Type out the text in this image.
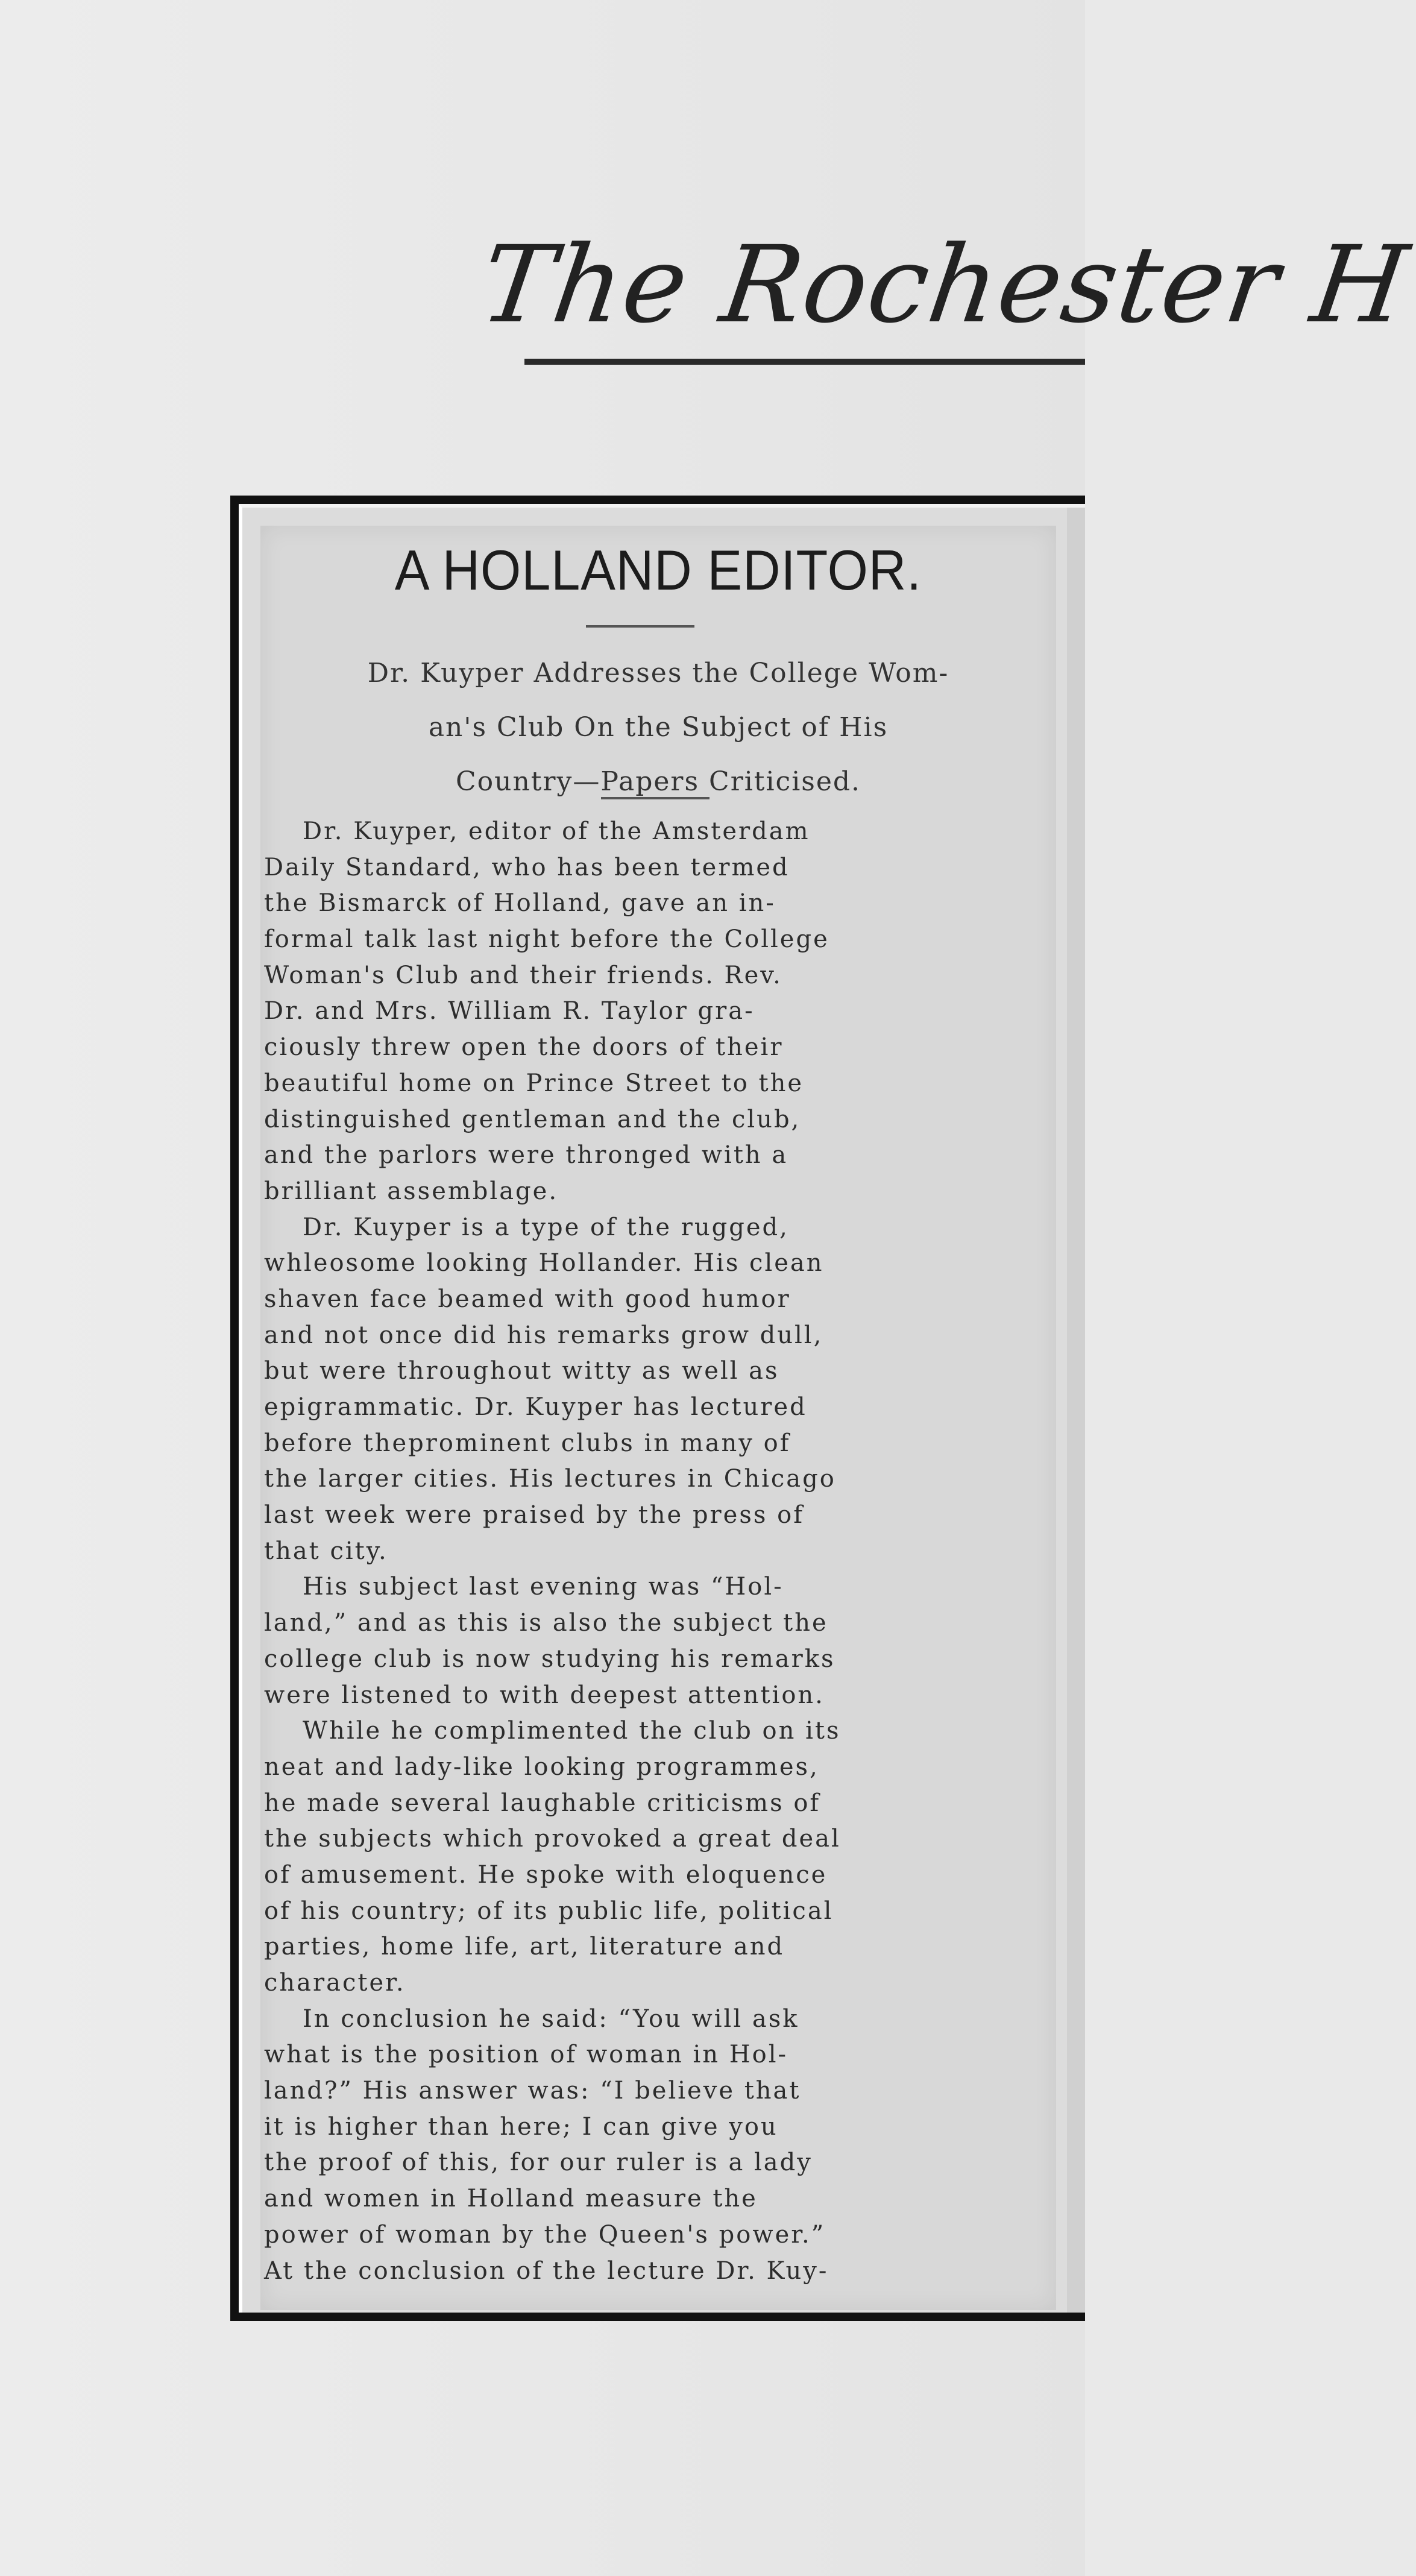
The Rochester H
A HOLLAND EDITOR.
Dr. Kuyper Addresses the College Wom-
an's Club On the Subject of His
Country—Papers Criticised.
Dr. Kuyper, editor of the Amsterdam
Daily Standard, who has been termed
the Bismarck of Holland, gave an in-
formal talk last night before the College
Woman's Club and their friends. Rev.
Dr. and Mrs. William R. Taylor gra-
ciously threw open the doors of their
beautiful home on Prince Street to the
distinguished gentleman and the club,
and the parlors were thronged with a
brilliant assemblage.
Dr. Kuyper is a type of the rugged,
whleosome looking Hollander. His clean
shaven face beamed with good humor
and not once did his remarks grow dull,
but were throughout witty as well as
epigrammatic. Dr. Kuyper has lectured
before theprominent clubs in many of
the larger cities. His lectures in Chicago
last week were praised by the press of
that city.
His subject last evening was “Hol-
land,” and as this is also the subject the
college club is now studying his remarks
were listened to with deepest attention.
While he complimented the club on its
neat and lady-like looking programmes,
he made several laughable criticisms of
the subjects which provoked a great deal
of amusement. He spoke with eloquence
of his country; of its public life, political
parties, home life, art, literature and
character.
In conclusion he said: “You will ask
what is the position of woman in Hol-
land?” His answer was: “I believe that
it is higher than here; I can give you
the proof of this, for our ruler is a lady
and women in Holland measure the
power of woman by the Queen's power.”
At the conclusion of the lecture Dr. Kuy-
